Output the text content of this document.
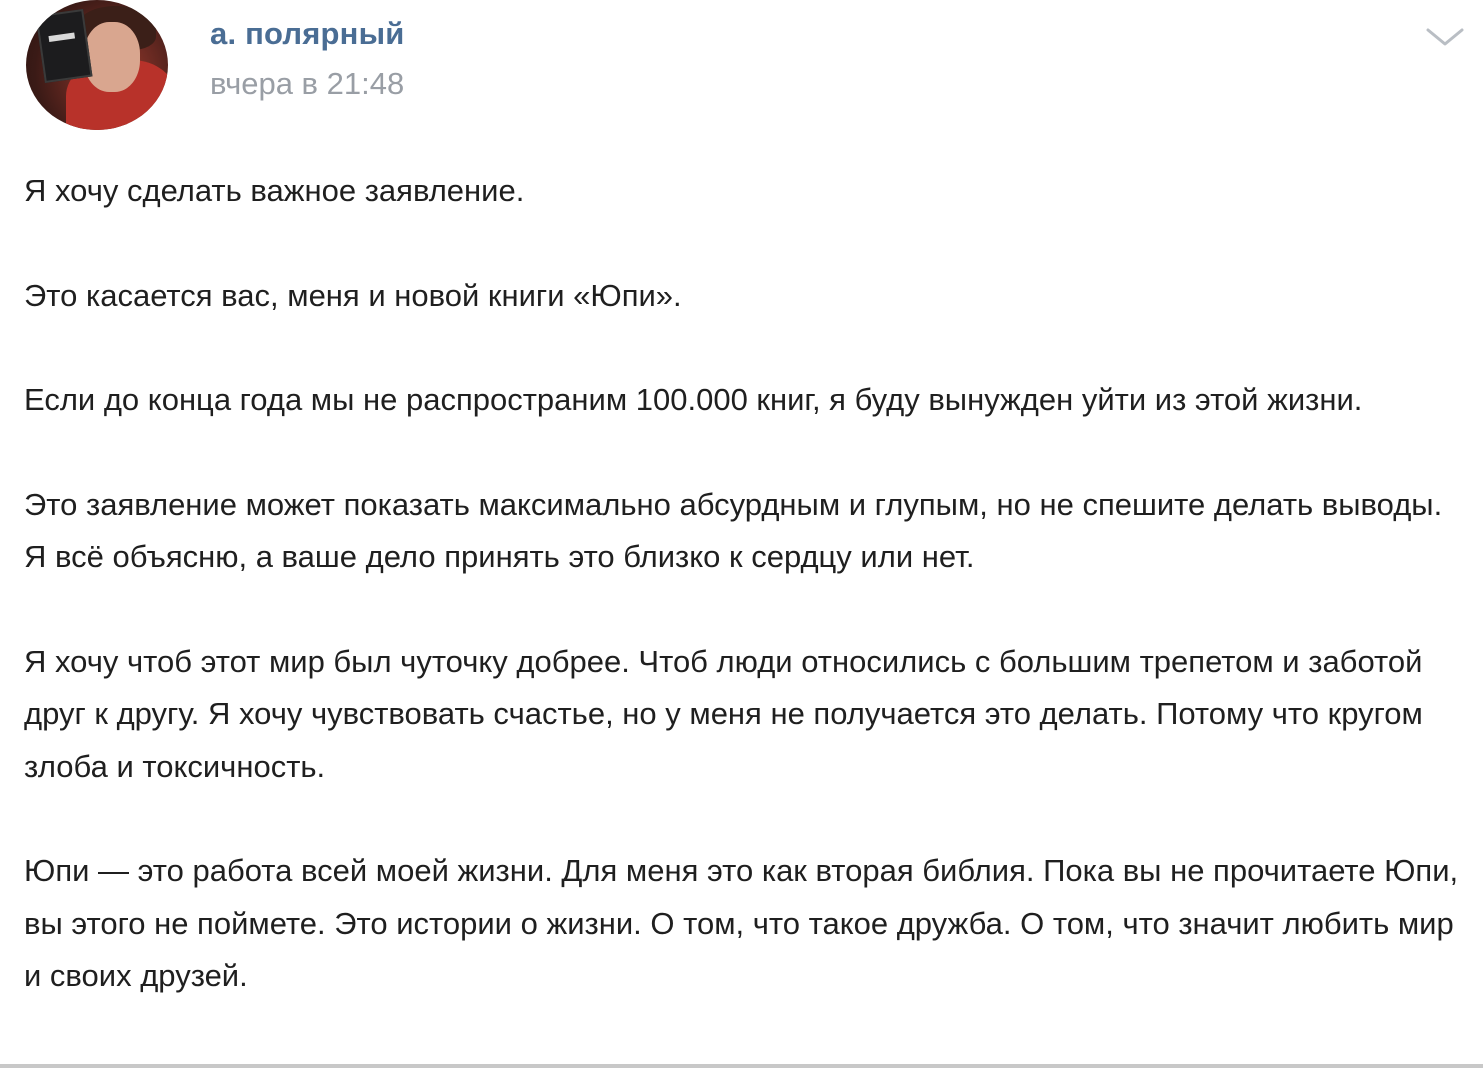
а. полярный
вчера в 21:48

Я хочу сделать важное заявление.

Это касается вас, меня и новой книги «Юпи».

Если до конца года мы не распространим 100.000 книг, я буду вынужден уйти из этой жизни.

Это заявление может показать максимально абсурдным и глупым, но не спешите делать выводы. Я всё объясню, а ваше дело принять это близко к сердцу или нет.

Я хочу чтоб этот мир был чуточку добрее. Чтоб люди относились с большим трепетом и заботой друг к другу. Я хочу чувствовать счастье, но у меня не получается это делать. Потому что кругом злоба и токсичность.

Юпи — это работа всей моей жизни. Для меня это как вторая библия. Пока вы не прочитаете Юпи, вы этого не поймете. Это истории о жизни. О том, что такое дружба. О том, что значит любить мир и своих друзей.
